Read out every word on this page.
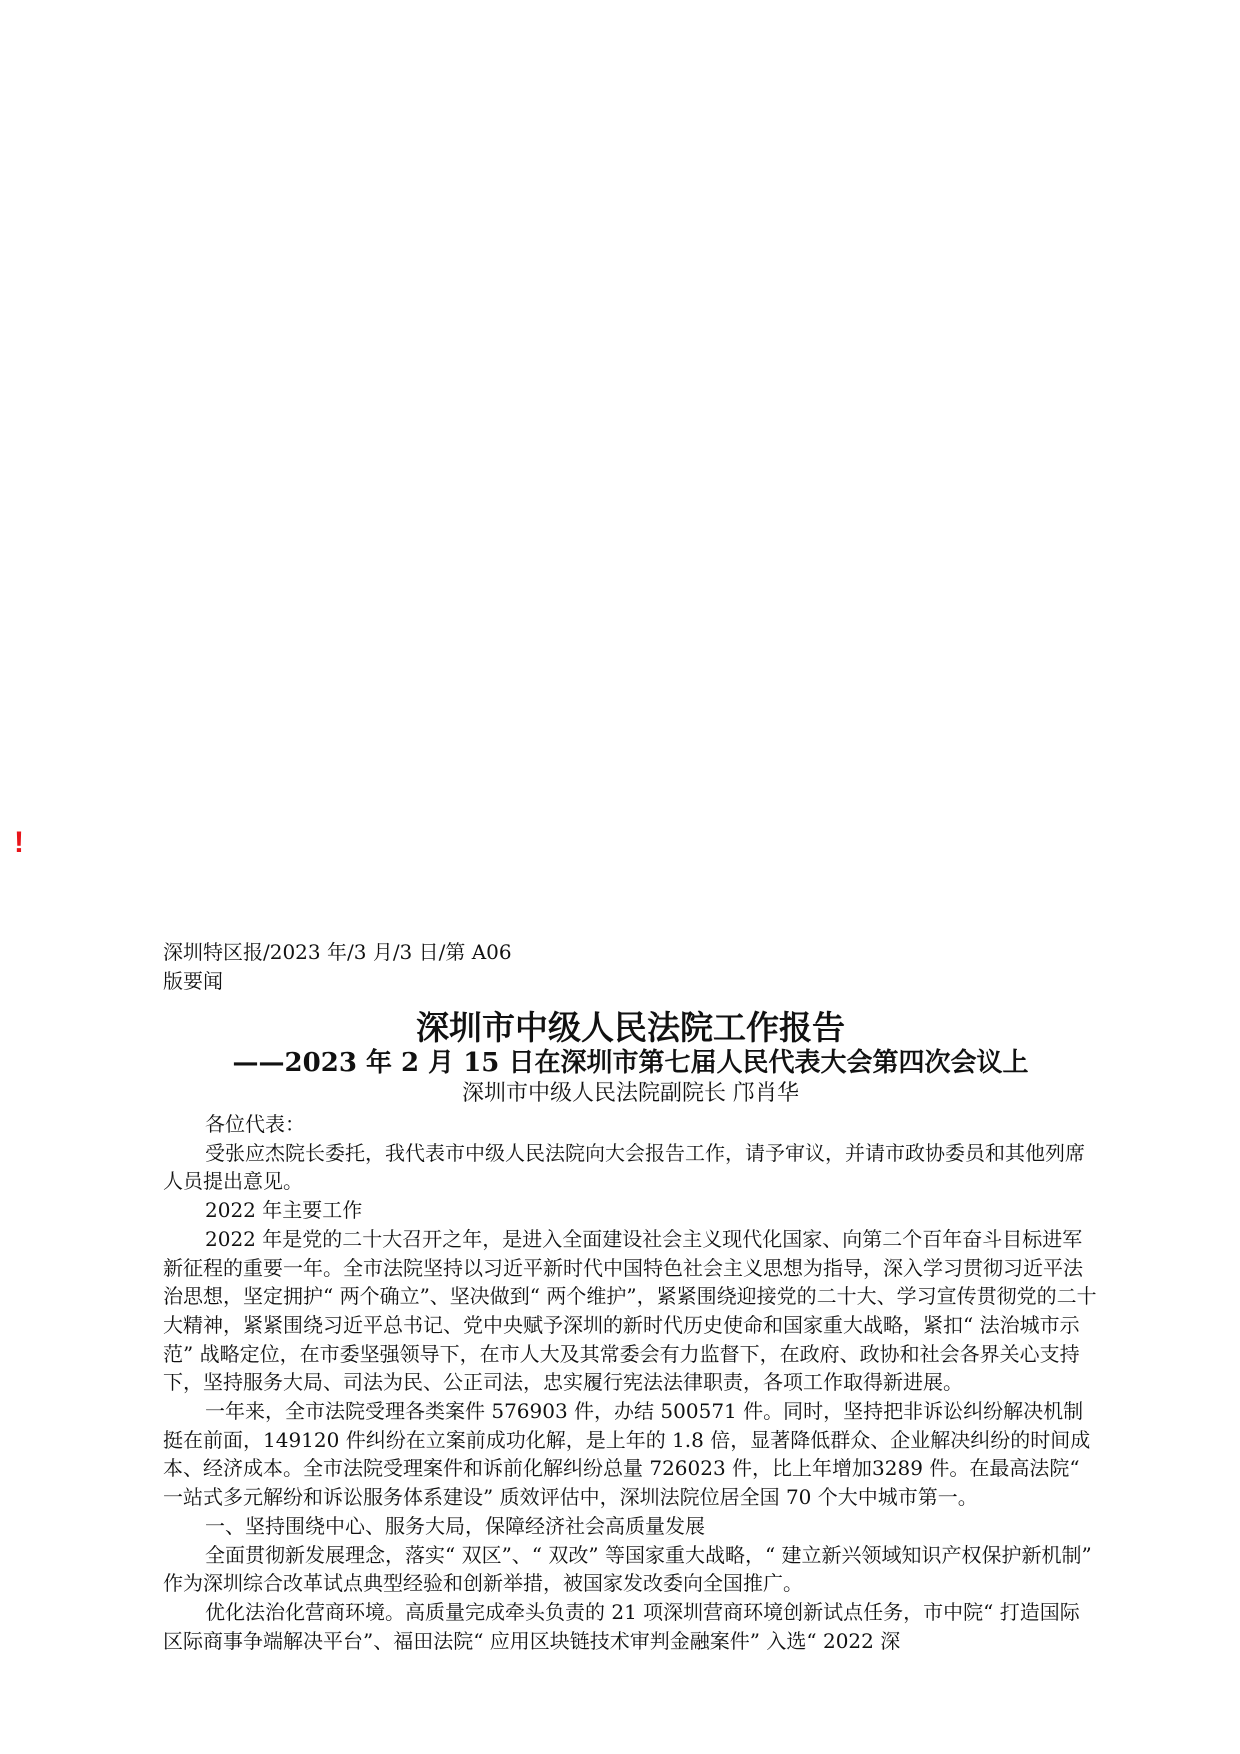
!

深圳特区报/2023 年/3 月/3 日/第 A06

版要闻

深圳市中级人民法院工作报告
——2023 年 2 月 15 日在深圳市第七届人民代表大会第四次会议上

深圳市中级人民法院副院长 邝肖华

各位代表：

受张应杰院长委托，我代表市中级人民法院向大会报告工作，请予审议，并请市政协委员和其他列席人员提出意见。

2022 年主要工作

2022 年是党的二十大召开之年，是进入全面建设社会主义现代化国家、向第二个百年奋斗目标进军新征程的重要一年。全市法院坚持以习近平新时代中国特色社会主义思想为指导，深入学习贯彻习近平法治思想，坚定拥护“ 两个确立”、坚决做到“ 两个维护”，紧紧围绕迎接党的二十大、学习宣传贯彻党的二十大精神，紧紧围绕习近平总书记、党中央赋予深圳的新时代历史使命和国家重大战略，紧扣“ 法治城市示范” 战略定位，在市委坚强领导下，在市人大及其常委会有力监督下，在政府、政协和社会各界关心支持下，坚持服务大局、司法为民、公正司法，忠实履行宪法法律职责，各项工作取得新进展。

一年来，全市法院受理各类案件 576903 件，办结 500571 件。同时，坚持把非诉讼纠纷解决机制挺在前面，149120 件纠纷在立案前成功化解，是上年的 1.8 倍，显著降低群众、企业解决纠纷的时间成本、经济成本。全市法院受理案件和诉前化解纠纷总量 726023 件，比上年增加3289 件。在最高法院“ 一站式多元解纷和诉讼服务体系建设” 质效评估中，深圳法院位居全国 70 个大中城市第一。

一、坚持围绕中心、服务大局，保障经济社会高质量发展

全面贯彻新发展理念，落实“ 双区”、“ 双改” 等国家重大战略，“ 建立新兴领域知识产权保护新机制” 作为深圳综合改革试点典型经验和创新举措，被国家发改委向全国推广。

优化法治化营商环境。高质量完成牵头负责的 21 项深圳营商环境创新试点任务，市中院“ 打造国际区际商事争端解决平台”、福田法院“ 应用区块链技术审判金融案件” 入选“ 2022 深
